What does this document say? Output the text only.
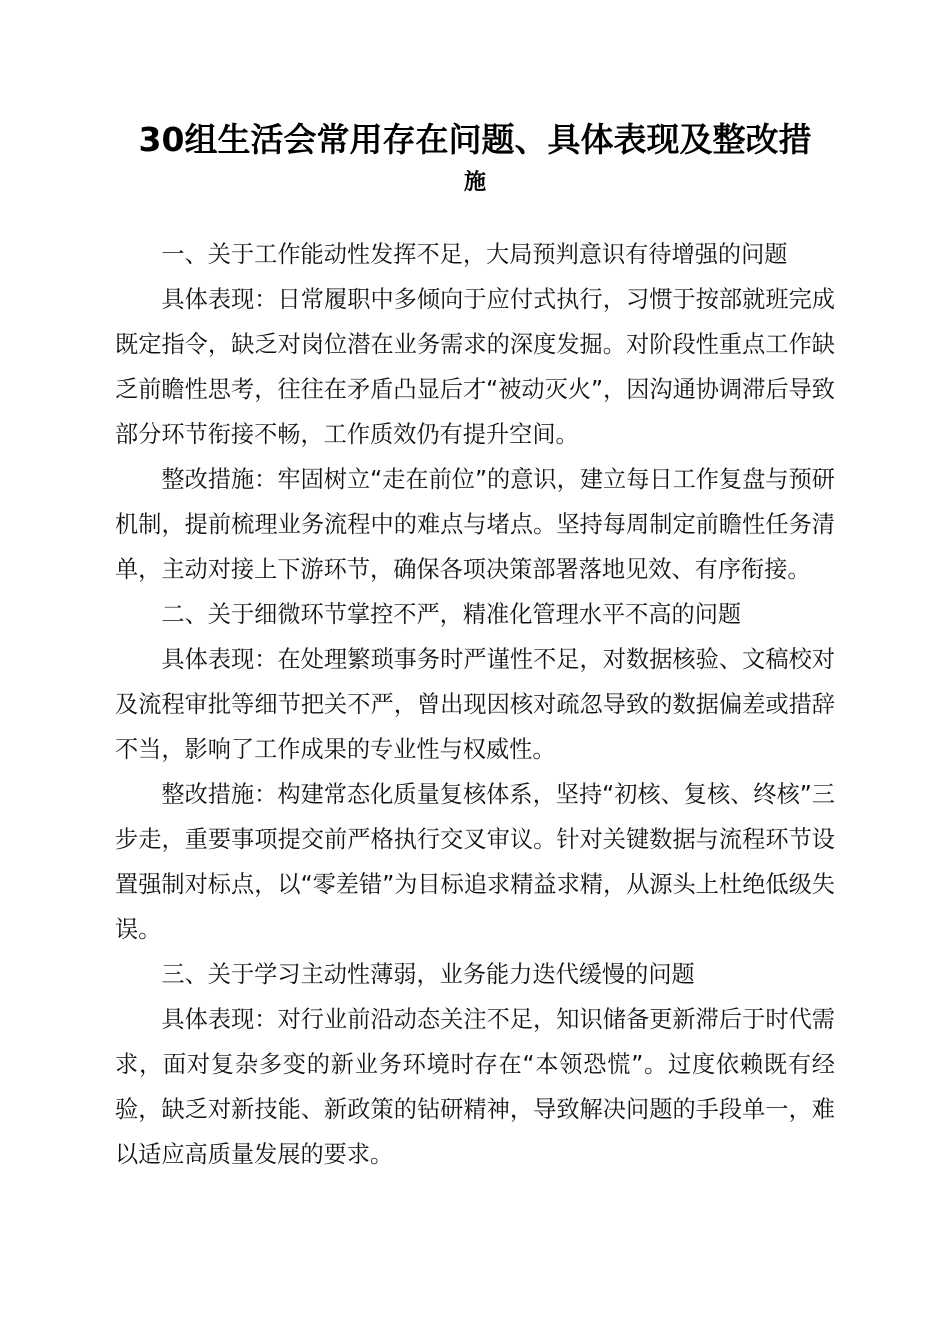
30组生活会常用存在问题、具体表现及整改措
施

一、关于工作能动性发挥不足，大局预判意识有待增强的问题

具体表现：日常履职中多倾向于应付式执行，习惯于按部就班完成既定指令，缺乏对岗位潜在业务需求的深度发掘。对阶段性重点工作缺乏前瞻性思考，往往在矛盾凸显后才“被动灭火”，因沟通协调滞后导致部分环节衔接不畅，工作质效仍有提升空间。

整改措施：牢固树立“走在前位”的意识，建立每日工作复盘与预研机制，提前梳理业务流程中的难点与堵点。坚持每周制定前瞻性任务清单，主动对接上下游环节，确保各项决策部署落地见效、有序衔接。

二、关于细微环节掌控不严，精准化管理水平不高的问题

具体表现：在处理繁琐事务时严谨性不足，对数据核验、文稿校对及流程审批等细节把关不严，曾出现因核对疏忽导致的数据偏差或措辞不当，影响了工作成果的专业性与权威性。

整改措施：构建常态化质量复核体系，坚持“初核、复核、终核”三步走，重要事项提交前严格执行交叉审议。针对关键数据与流程环节设置强制对标点，以“零差错”为目标追求精益求精，从源头上杜绝低级失误。

三、关于学习主动性薄弱，业务能力迭代缓慢的问题

具体表现：对行业前沿动态关注不足，知识储备更新滞后于时代需求，面对复杂多变的新业务环境时存在“本领恐慌”。过度依赖既有经验，缺乏对新技能、新政策的钻研精神，导致解决问题的手段单一，难以适应高质量发展的要求。
